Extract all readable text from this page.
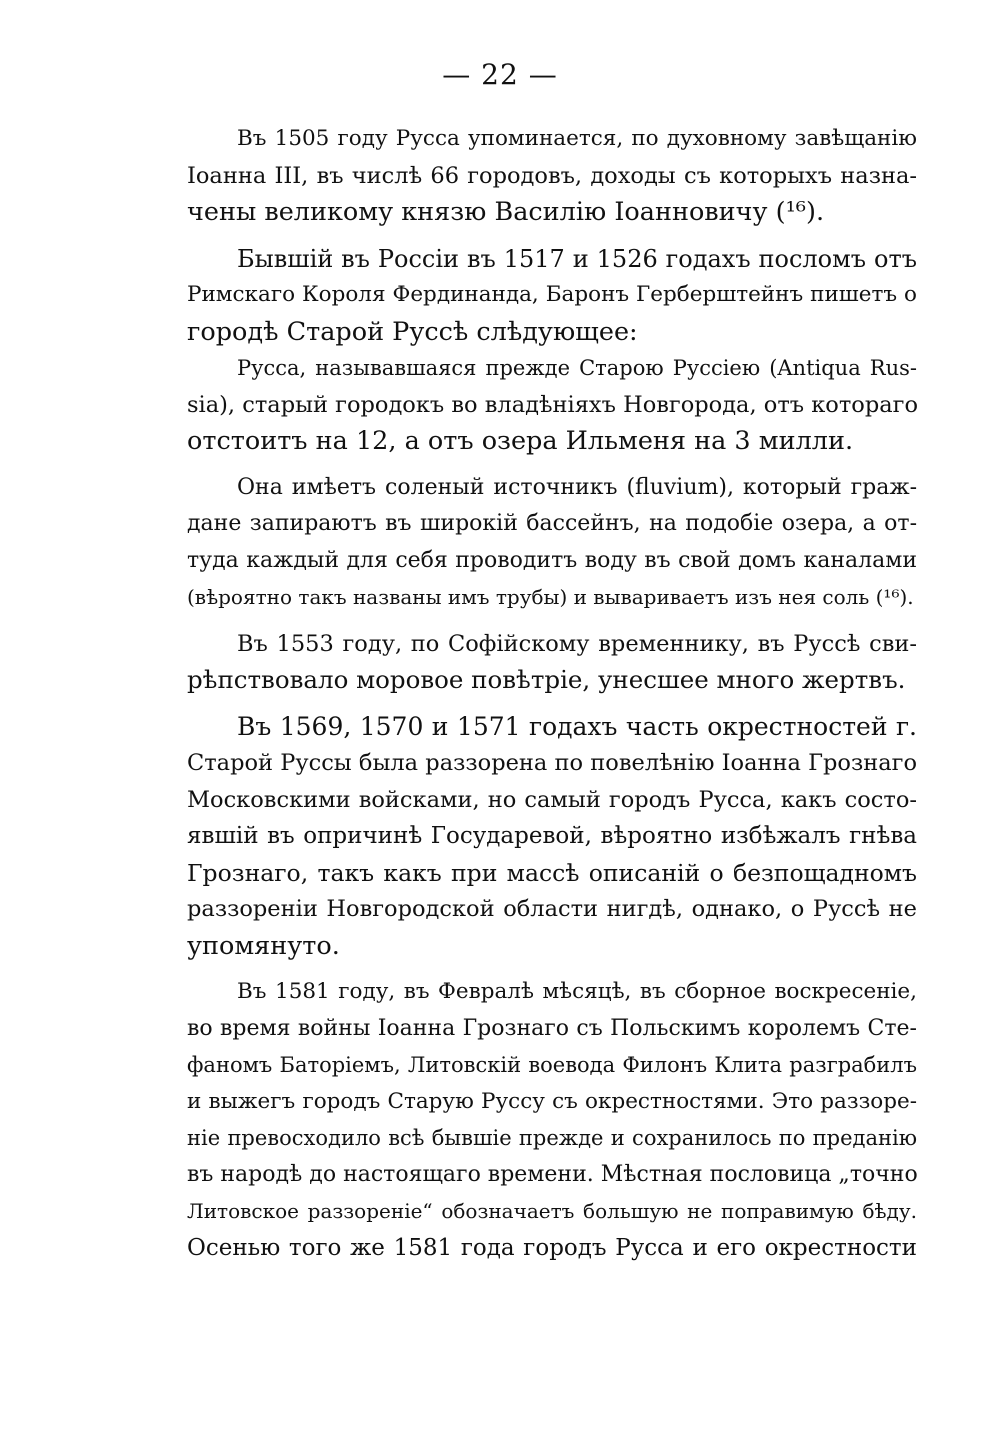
— 22 —
Въ 1505 году Русса упоминается, по духовному завѣщанію
Іоанна III, въ числѣ 66 городовъ, доходы съ которыхъ назна-
чены великому князю Василію Іоанновичу (¹⁶).
Бывшій въ Россіи въ 1517 и 1526 годахъ посломъ отъ
Римскаго Короля Фердинанда, Баронъ Герберштейнъ пишетъ о
городѣ Старой Руссѣ слѣдующее:
Русса, называвшаяся прежде Старою Руссіею (Antiqua Rus-
sia), старый городокъ во владѣніяхъ Новгорода, отъ котораго
отстоитъ на 12, а отъ озера Ильменя на 3 милли.
Она имѣетъ соленый источникъ (fluvium), который граж-
дане запираютъ въ широкій бассейнъ, на подобіе озера, а от-
туда каждый для себя проводитъ воду въ свой домъ каналами
(вѣроятно такъ названы имъ трубы) и вывариваетъ изъ нея соль (¹⁶).
Въ 1553 году, по Софійскому временнику, въ Руссѣ сви-
рѣпствовало моровое повѣтріе, унесшее много жертвъ.
Въ 1569, 1570 и 1571 годахъ часть окрестностей г.
Старой Руссы была раззорена по повелѣнію Іоанна Грознаго
Московскими войсками, но самый городъ Русса, какъ состо-
явшій въ опричинѣ Государевой, вѣроятно избѣжалъ гнѣва
Грознаго, такъ какъ при массѣ описаній о безпощадномъ
раззореніи Новгородской области нигдѣ, однако, о Руссѣ не
упомянуто.
Въ 1581 году, въ Февралѣ мѣсяцѣ, въ сборное воскресеніе,
во время войны Іоанна Грознаго съ Польскимъ королемъ Сте-
фаномъ Баторіемъ, Литовскій воевода Филонъ Клита разграбилъ
и выжегъ городъ Старую Руссу съ окрестностями. Это раззоре-
ніе превосходило всѣ бывшіе прежде и сохранилось по преданію
въ народѣ до настоящаго времени. Мѣстная пословица „точно
Литовское раззореніе“ обозначаетъ большую не поправимую бѣду.
Осенью того же 1581 года городъ Русса и его окрестности
